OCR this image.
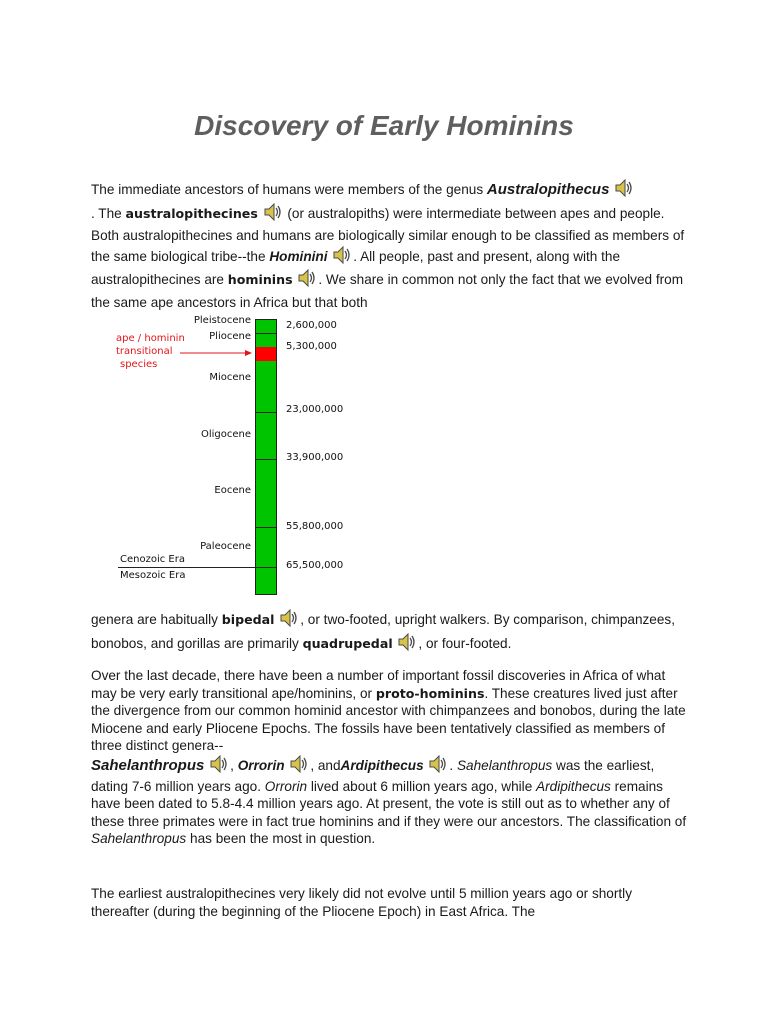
Discovery of Early Hominins

The immediate ancestors of humans were members of the genus Australopithecus
. The australopithecines  (or australopiths) were intermediate between apes and people. Both australopithecines and humans are biologically similar enough to be classified as members of the same biological tribe--the Hominini . All people, past and present, along with the australopithecines are hominins . We share in common not only the fact that we evolved from the same ape ancestors in Africa but that both

Pleistocene
Pliocene
ape / hominin
transitional
species
Miocene
Oligocene
Eocene
Paleocene
Cenozoic Era
Mesozoic Era
2,600,000
5,300,000
23,000,000
33,900,000
55,800,000
65,500,000

genera are habitually bipedal , or two-footed, upright walkers. By comparison, chimpanzees, bonobos, and gorillas are primarily quadrupedal , or four-footed.

Over the last decade, there have been a number of important fossil discoveries in Africa of what may be very early transitional ape/hominins, or proto-hominins. These creatures lived just after the divergence from our common hominid ancestor with chimpanzees and bonobos, during the late Miocene and early Pliocene Epochs. The fossils have been tentatively classified as members of three distinct genera--
Sahelanthropus , Orrorin , andArdipithecus . Sahelanthropus was the earliest, dating 7-6 million years ago. Orrorin lived about 6 million years ago, while Ardipithecus remains have been dated to 5.8-4.4 million years ago. At present, the vote is still out as to whether any of these three primates were in fact true hominins and if they were our ancestors. The classification of Sahelanthropus has been the most in question.

The earliest australopithecines very likely did not evolve until 5 million years ago or shortly thereafter (during the beginning of the Pliocene Epoch) in East Africa. The
